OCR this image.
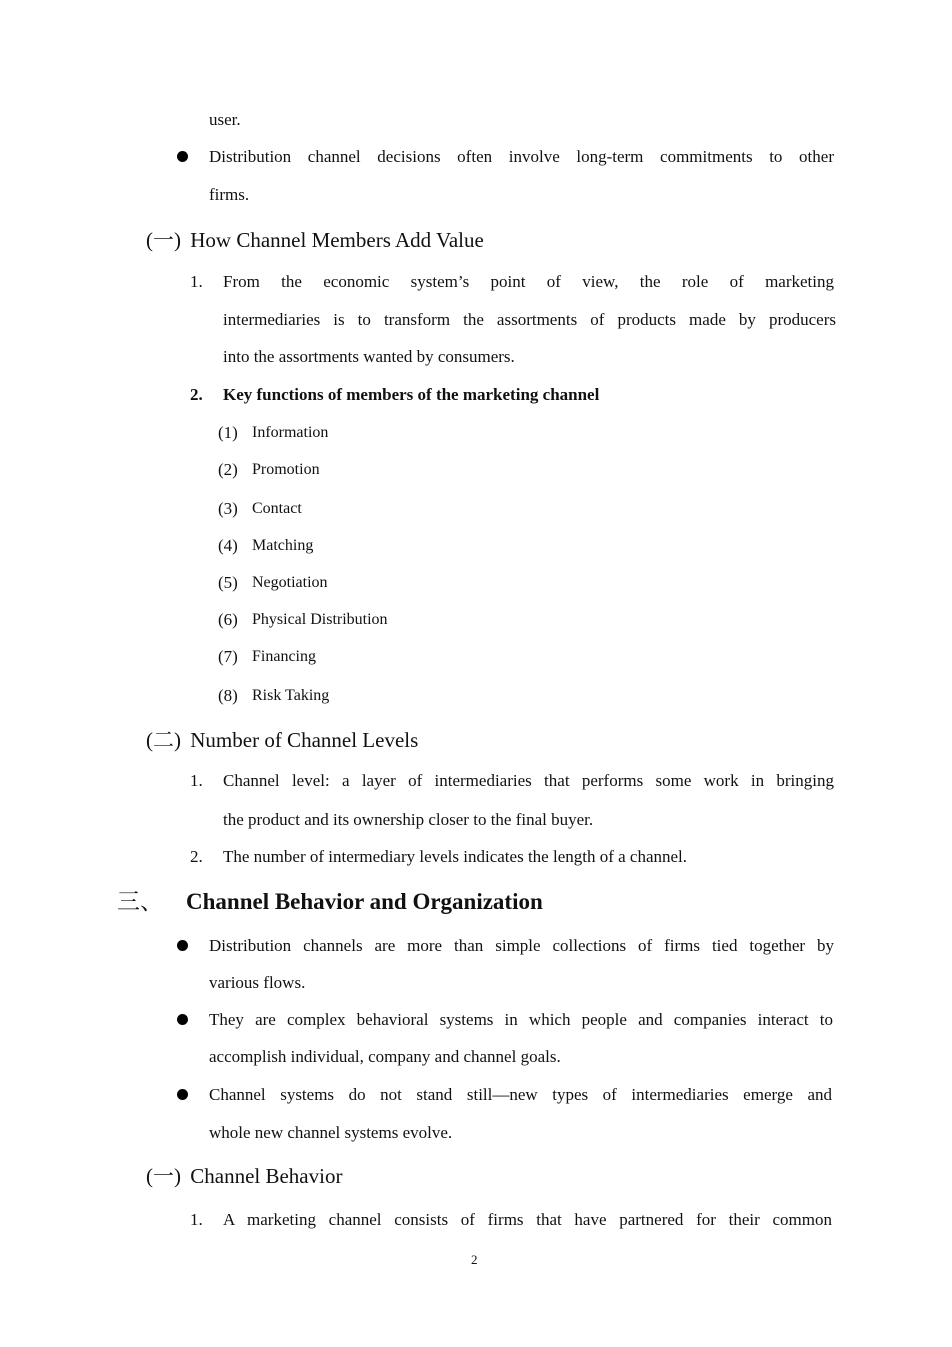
user.
Distribution channel decisions often involve long-term commitments to other
firms.
(一) How Channel Members Add Value
1. From the economic system’s point of view, the role of marketing
intermediaries is to transform the assortments of products made by producers
into the assortments wanted by consumers.
2. Key functions of members of the marketing channel
(1) Information
(2) Promotion
(3) Contact
(4) Matching
(5) Negotiation
(6) Physical Distribution
(7) Financing
(8) Risk Taking
(二) Number of Channel Levels
1. Channel level: a layer of intermediaries that performs some work in bringing
the product and its ownership closer to the final buyer.
2. The number of intermediary levels indicates the length of a channel.
三、 Channel Behavior and Organization
Distribution channels are more than simple collections of firms tied together by
various flows.
They are complex behavioral systems in which people and companies interact to
accomplish individual, company and channel goals.
Channel systems do not stand still—new types of intermediaries emerge and
whole new channel systems evolve.
(一) Channel Behavior
1. A marketing channel consists of firms that have partnered for their common
2
